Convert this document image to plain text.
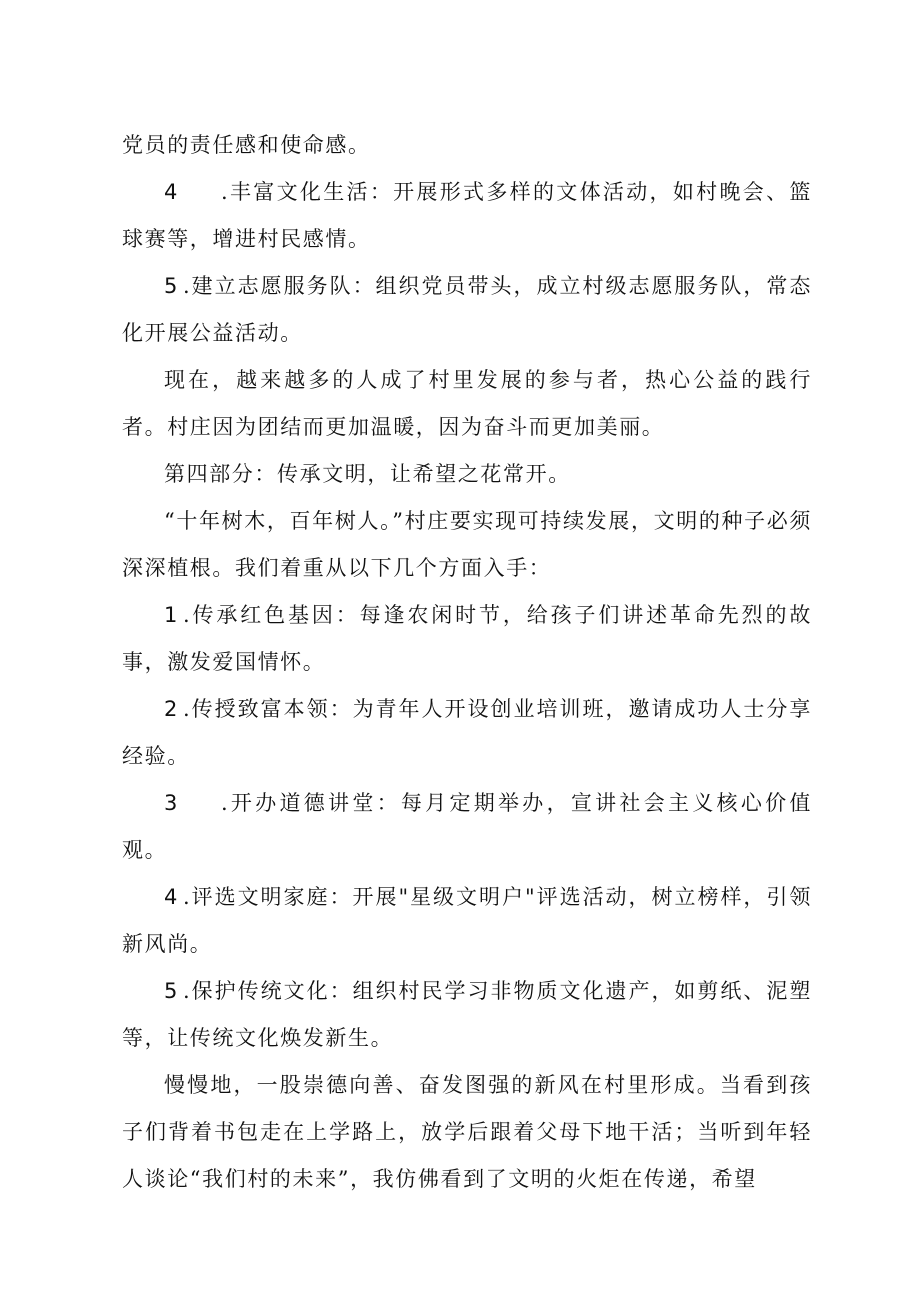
党员的责任感和使命感。

4 .丰富文化生活：开展形式多样的文体活动，如村晚会、篮球赛等，增进村民感情。

5 .建立志愿服务队：组织党员带头，成立村级志愿服务队，常态化开展公益活动。

现在，越来越多的人成了村里发展的参与者，热心公益的践行者。村庄因为团结而更加温暖，因为奋斗而更加美丽。

第四部分：传承文明，让希望之花常开。

“十年树木，百年树人。”村庄要实现可持续发展，文明的种子必须深深植根。我们着重从以下几个方面入手：

1 .传承红色基因：每逢农闲时节，给孩子们讲述革命先烈的故事，激发爱国情怀。

2 .传授致富本领：为青年人开设创业培训班，邀请成功人士分享经验。

3 .开办道德讲堂：每月定期举办，宣讲社会主义核心价值观。

4 .评选文明家庭：开展"星级文明户"评选活动，树立榜样，引领新风尚。

5 .保护传统文化：组织村民学习非物质文化遗产，如剪纸、泥塑等，让传统文化焕发新生。

慢慢地，一股崇德向善、奋发图强的新风在村里形成。当看到孩子们背着书包走在上学路上，放学后跟着父母下地干活；当听到年轻人谈论“我们村的未来”，我仿佛看到了文明的火炬在传递，希望
